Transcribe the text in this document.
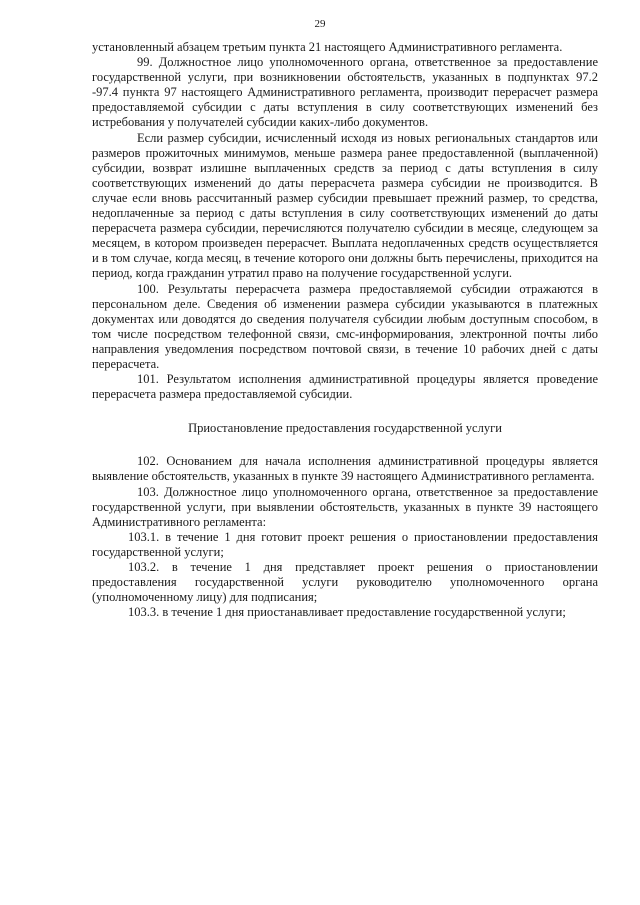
29

установленный абзацем третьим пункта 21 настоящего Административного регламента.

99. Должностное лицо уполномоченного органа, ответственное за предоставление государственной услуги, при возникновении обстоятельств, указанных в подпунктах 97.2 -97.4 пункта 97 настоящего Административного регламента, производит перерасчет размера предоставляемой субсидии с даты вступления в силу соответствующих изменений без истребования у получателей субсидии каких-либо документов.

Если размер субсидии, исчисленный исходя из новых региональных стандартов или размеров прожиточных минимумов, меньше размера ранее предоставленной (выплаченной) субсидии, возврат излишне выплаченных средств за период с даты вступления в силу соответствующих изменений до даты перерасчета размера субсидии не производится. В случае если вновь рассчитанный размер субсидии превышает прежний размер, то средства, недоплаченные за период с даты вступления в силу соответствующих изменений до даты перерасчета размера субсидии, перечисляются получателю субсидии в месяце, следующем за месяцем, в котором произведен перерасчет. Выплата недоплаченных средств осуществляется и в том случае, когда месяц, в течение которого они должны быть перечислены, приходится на период, когда гражданин утратил право на получение государственной услуги.

100. Результаты перерасчета размера предоставляемой субсидии отражаются в персональном деле. Сведения об изменении размера субсидии указываются в платежных документах или доводятся до сведения получателя субсидии любым доступным способом, в том числе посредством телефонной связи, смс-информирования, электронной почты либо направления уведомления посредством почтовой связи, в течение 10 рабочих дней с даты перерасчета.

101. Результатом исполнения административной процедуры является проведение перерасчета размера предоставляемой субсидии.

Приостановление предоставления государственной услуги

102. Основанием для начала исполнения административной процедуры является выявление обстоятельств, указанных в пункте 39 настоящего Административного регламента.

103. Должностное лицо уполномоченного органа, ответственное за предоставление государственной услуги, при выявлении обстоятельств, указанных в пункте 39 настоящего Административного регламента:

103.1. в течение 1 дня готовит проект решения о приостановлении предоставления государственной услуги;

103.2. в течение 1 дня представляет проект решения о приостановлении предоставления государственной услуги руководителю уполномоченного органа (уполномоченному лицу) для подписания;

103.3. в течение 1 дня приостанавливает предоставление государственной услуги;
